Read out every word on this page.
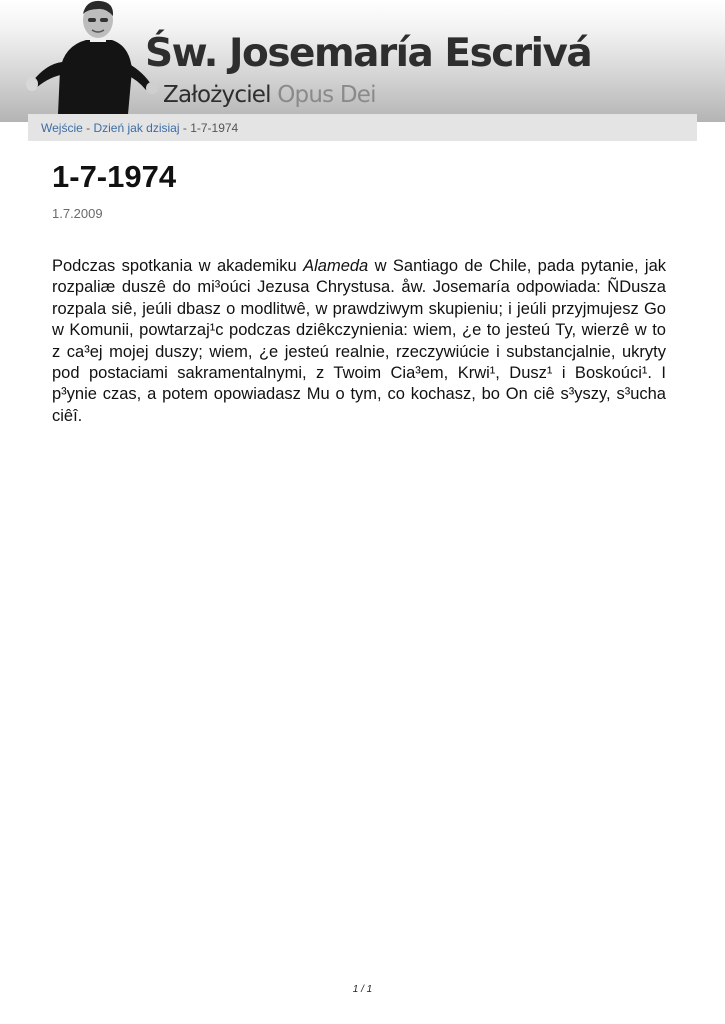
Św. Josemaría Escrivá
Założyciel Opus Dei
Wejście - Dzień jak dzisiaj - 1-7-1974
1-7-1974
1.7.2009

Podczas spotkania w akademiku Alameda w Santiago de Chile, pada pytanie, jak rozpaliæ duszê do mi³oúci Jezusa Chrystusa. åw. Josemaría odpowiada: ÑDusza rozpala siê, jeúli dbasz o modlitwê, w prawdziwym skupieniu; i jeúli przyjmujesz Go w Komunii, powtarzaj¹c podczas dziêkczynienia: wiem, ¿e to jesteú Ty, wierzê w to z ca³ej mojej duszy; wiem, ¿e jesteú realnie, rzeczywiúcie i substancjalnie, ukryty pod postaciami sakramentalnymi, z Twoim Cia³em, Krwi¹, Dusz¹ i Boskoúci¹. I p³ynie czas, a potem opowiadasz Mu o tym, co kochasz, bo On ciê s³yszy, s³ucha ciêî.

1 / 1
